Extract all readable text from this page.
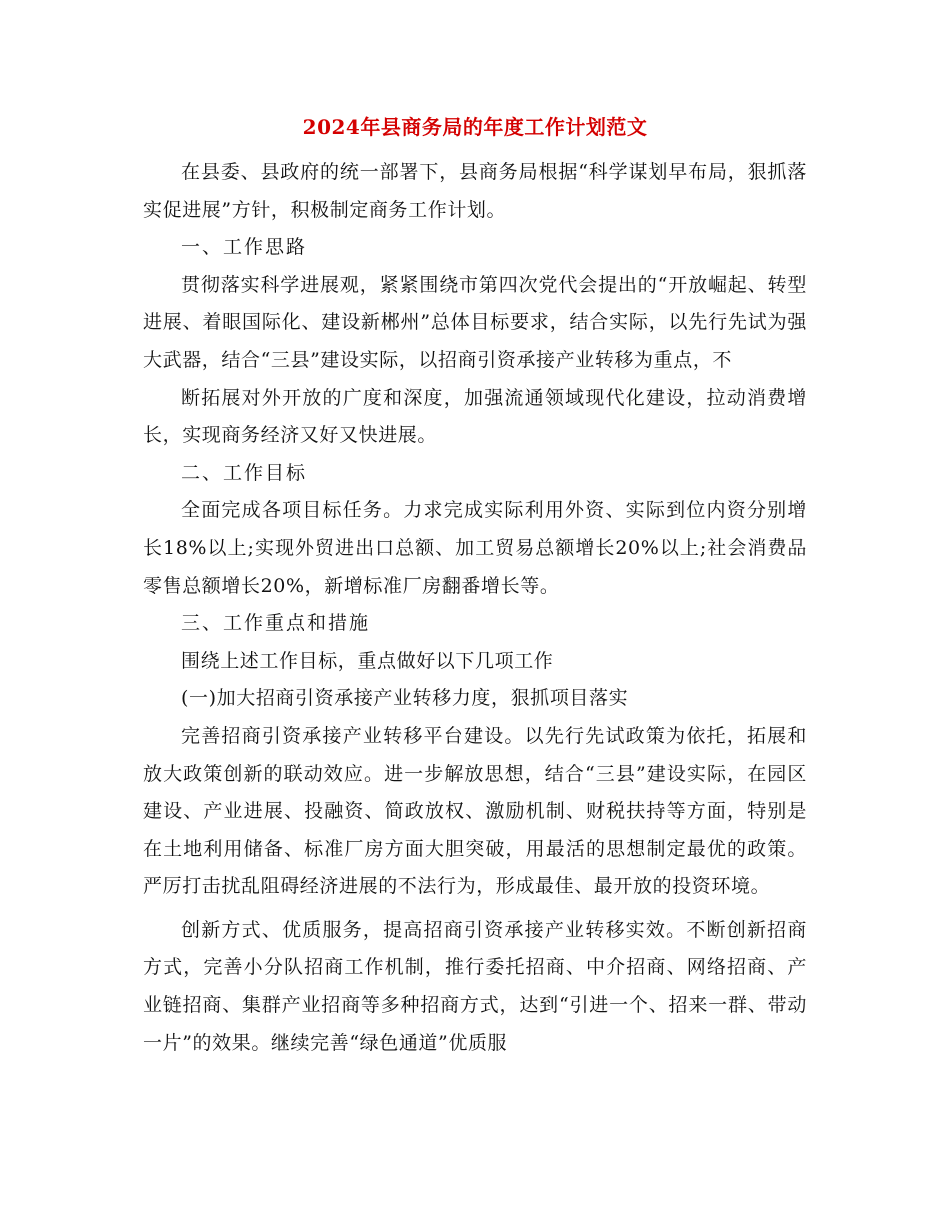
2024年县商务局的年度工作计划范文

在县委、县政府的统一部署下，县商务局根据“科学谋划早布局，狠抓落实促进展”方针，积极制定商务工作计划。

一、工作思路

贯彻落实科学进展观，紧紧围绕市第四次党代会提出的“开放崛起、转型进展、着眼国际化、建设新郴州”总体目标要求，结合实际，以先行先试为强大武器，结合“三县”建设实际，以招商引资承接产业转移为重点，不

断拓展对外开放的广度和深度，加强流通领域现代化建设，拉动消费增长，实现商务经济又好又快进展。

二、工作目标

全面完成各项目标任务。力求完成实际利用外资、实际到位内资分别增长18%以上;实现外贸进出口总额、加工贸易总额增长20%以上;社会消费品零售总额增长20%，新增标准厂房翻番增长等。

三、工作重点和措施

围绕上述工作目标，重点做好以下几项工作

(一)加大招商引资承接产业转移力度，狠抓项目落实

完善招商引资承接产业转移平台建设。以先行先试政策为依托，拓展和放大政策创新的联动效应。进一步解放思想，结合“三县”建设实际，在园区建设、产业进展、投融资、简政放权、激励机制、财税扶持等方面，特别是在土地利用储备、标准厂房方面大胆突破，用最活的思想制定最优的政策。严厉打击扰乱阻碍经济进展的不法行为，形成最佳、最开放的投资环境。

创新方式、优质服务，提高招商引资承接产业转移实效。不断创新招商方式，完善小分队招商工作机制，推行委托招商、中介招商、网络招商、产业链招商、集群产业招商等多种招商方式，达到“引进一个、招来一群、带动一片”的效果。继续完善“绿色通道”优质服
